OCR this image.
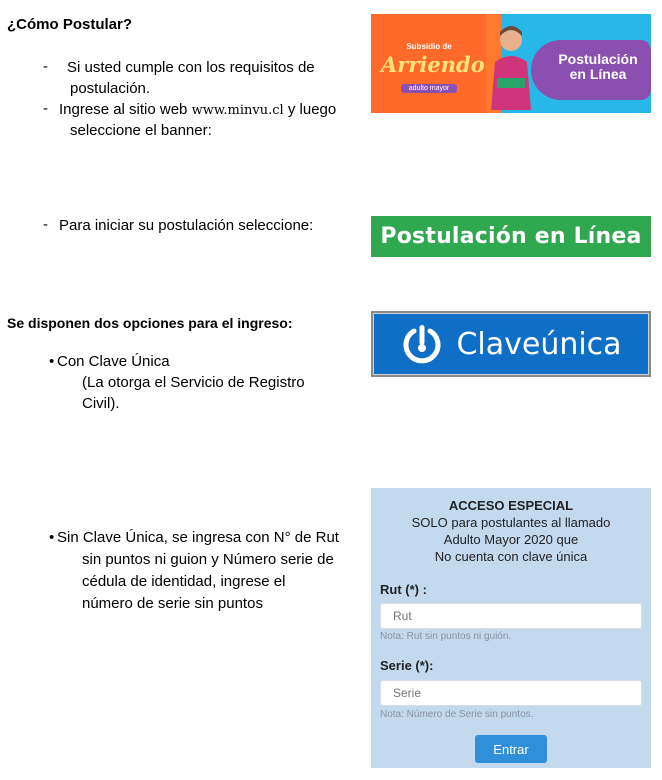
¿Cómo Postular?
- Si usted cumple con los requisitos de
postulación.
- Ingrese al sitio web www.minvu.cl y luego
seleccione el banner:
Subsidio de
Arriendo
adulto mayor
Postulación
en Línea
- Para iniciar su postulación seleccione:	Postulación en Línea
Se disponen dos opciones para el ingreso:
• Con Clave Única
(La otorga el Servicio de Registro
Civil).
Claveúnica
• Sin Clave Única, se ingresa con N° de Rut
sin puntos ni guion y Número serie de
cédula de identidad, ingrese el
número de serie sin puntos
ACCESO ESPECIAL
SOLO para postulantes al llamado
Adulto Mayor 2020 que
No cuenta con clave única
Rut (*) :
Rut
Nota: Rut sin puntos ni guión.
Serie (*):
Serie
Nota: Número de Serie sin puntos.
Entrar
